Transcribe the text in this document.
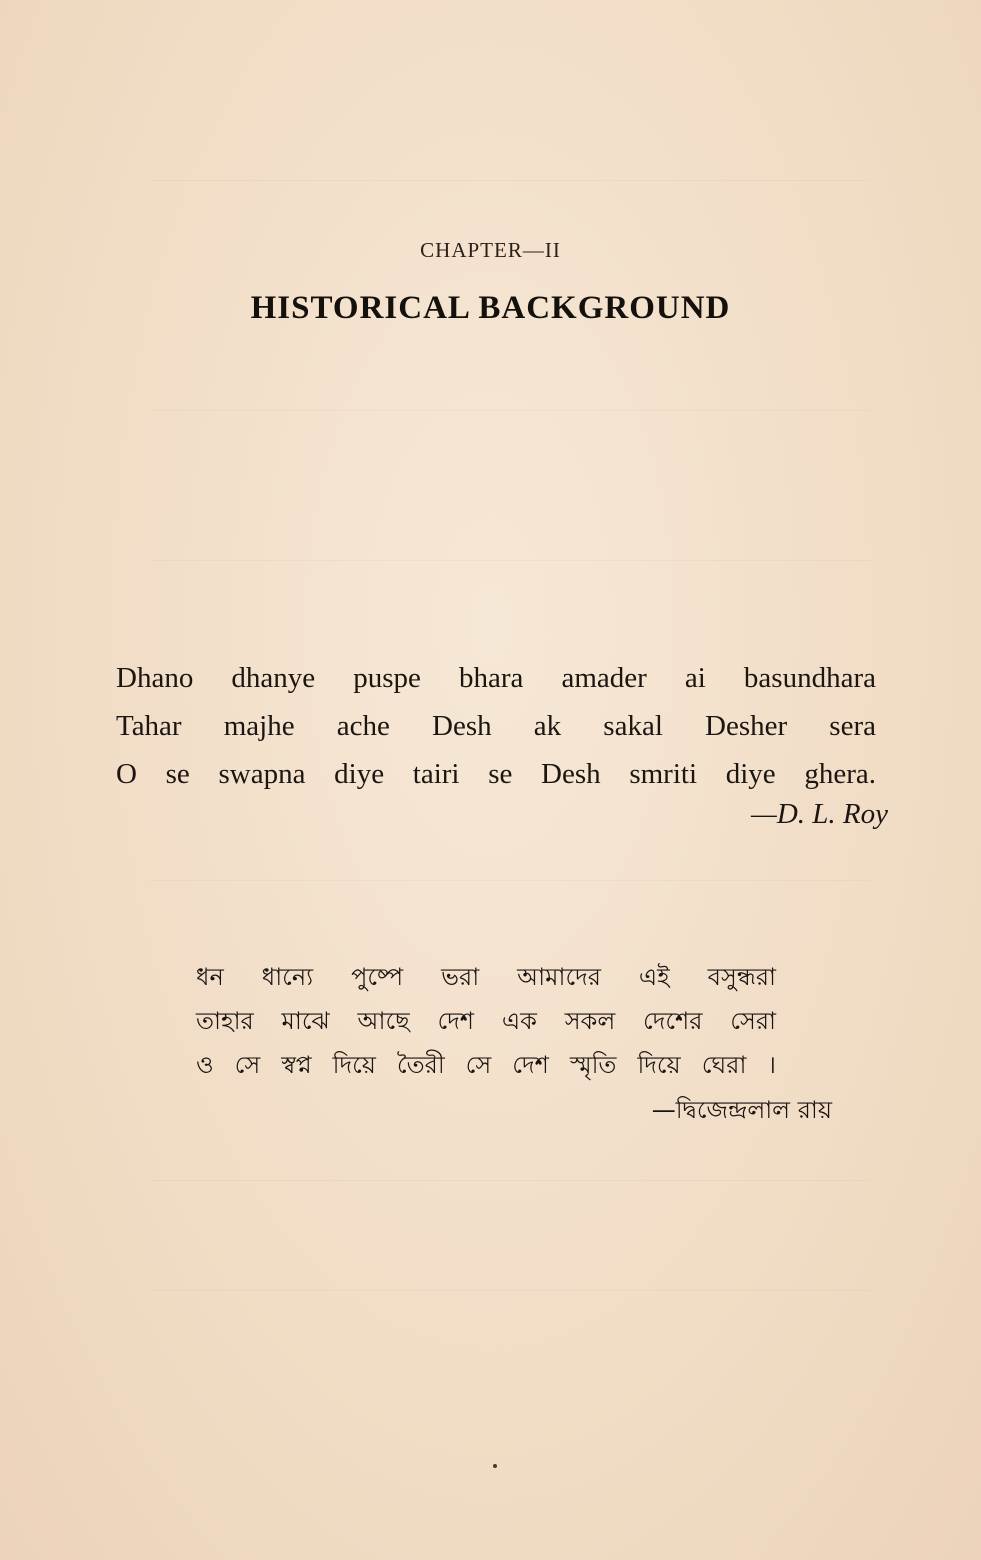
CHAPTER—II
HISTORICAL BACKGROUND
Dhano dhanye puspe bhara amader ai basundhara
Tahar majhe ache Desh ak sakal Desher sera
O se swapna diye tairi se Desh smriti diye ghera.
—D. L. Roy
ধন ধান্যে পুষ্পে ভরা আমাদের এই বসুন্ধরা
তাহার মাঝে আছে দেশ এক সকল দেশের সেরা
ও সে স্বপ্ন দিয়ে তৈরী সে দেশ স্মৃতি দিয়ে ঘেরা ।
—দ্বিজেন্দ্রলাল রায়
